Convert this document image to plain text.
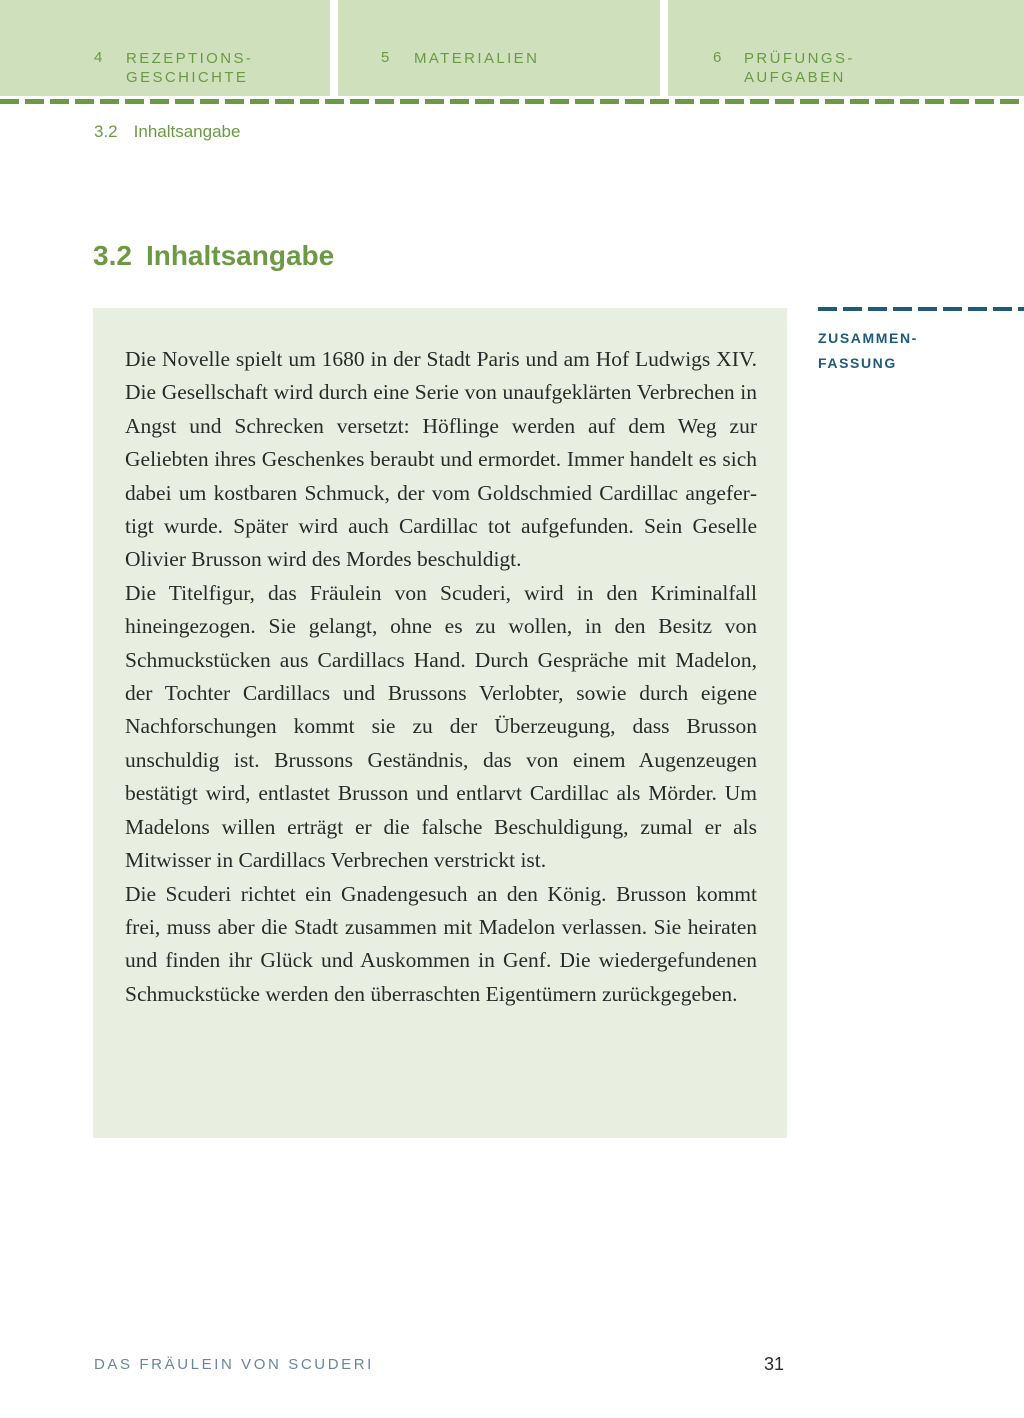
4 REZEPTIONS-
GESCHICHTE
5 MATERIALIEN	6 PRÜFUNGS-
AUFGABEN
3.2 Inhaltsangabe
3.2 Inhaltsangabe

Die Novelle spielt um 1680 in der Stadt Paris und am Hof Ludwigs XIV. Die Gesellschaft wird durch eine Serie von unaufgeklärten Verbrechen in Angst und Schrecken versetzt: Höflinge werden auf dem Weg zur Geliebten ihres Geschenkes beraubt und ermordet. Immer handelt es sich dabei um kostbaren Schmuck, der vom Goldschmied Cardillac angefertigt wurde. Später wird auch Cardillac tot aufgefunden. Sein Geselle Olivier Brusson wird des Mordes beschuldigt.

Die Titelfigur, das Fräulein von Scuderi, wird in den Kriminalfall hineingezogen. Sie gelangt, ohne es zu wollen, in den Besitz von Schmuckstücken aus Cardillacs Hand. Durch Gespräche mit Madelon, der Tochter Cardillacs und Brussons Verlobter, sowie durch eigene Nachforschungen kommt sie zu der Überzeugung, dass Brusson unschuldig ist. Brussons Geständnis, das von einem Augenzeugen bestätigt wird, entlastet Brusson und entlarvt Cardillac als Mörder. Um Madelons willen erträgt er die falsche Beschuldigung, zumal er als Mitwisser in Cardillacs Verbrechen verstrickt ist.

Die Scuderi richtet ein Gnadengesuch an den König. Brusson kommt frei, muss aber die Stadt zusammen mit Madelon verlassen. Sie heiraten und finden ihr Glück und Auskommen in Genf. Die wiedergefundenen Schmuckstücke werden den überraschten Eigentümern zurückgegeben.

ZUSAMMEN-
FASSUNG
DAS FRÄULEIN VON SCUDERI	31
